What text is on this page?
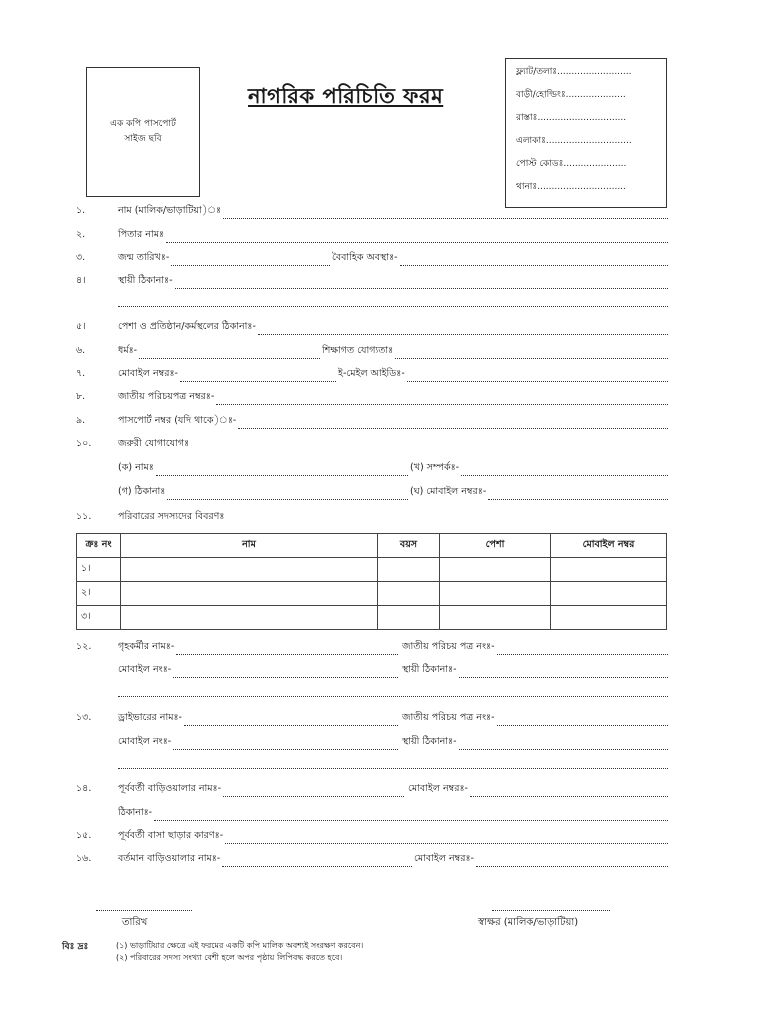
এক কপি পাসপোর্ট
সাইজ ছবি
নাগরিক পরিচিতি ফরম
ফ্ল্যাট/তলাঃ..........................
বাড়ী/হোল্ডিংঃ.....................
রাস্তাঃ...............................
এলাকাঃ..............................
পোস্ট কোডঃ......................
থানাঃ...............................
১.	নাম (মালিক/ভাড়াটিয়া)ঃ
২.	পিতার নামঃ
৩.	জন্ম তারিখঃ-	বৈবাহিক অবস্থাঃ-
৪।	স্থায়ী ঠিকানাঃ-
৫।	পেশা ও প্রতিষ্ঠান/কর্মস্থলের ঠিকানাঃ-
৬.	ধর্মঃ-	শিক্ষাগত যোগ্যতাঃ
৭.	মোবাইল নম্বরঃ-	ই-মেইল আইডিঃ-
৮.	জাতীয় পরিচয়পত্র নম্বরঃ-
৯.	পাসপোর্ট নম্বর (যদি থাকে)ঃ-
১০.	জরুরী যোগাযোগঃ
(ক) নামঃ	(খ) সম্পর্কঃ-
(গ) ঠিকানাঃ	(ঘ) মোবাইল নম্বরঃ-
১১.	পরিবারের সদস্যদের বিবরণঃ
ক্রঃ নং	নাম	বয়স	পেশা	মোবাইল নম্বর
১।				
২।				
৩।				
১২.	গৃহকর্মীর নামঃ-	জাতীয় পরিচয় পত্র নংঃ-
মোবাইল নংঃ-	স্থায়ী ঠিকানাঃ-
১৩.	ড্রাইভারের নামঃ-	জাতীয় পরিচয় পত্র নংঃ-
মোবাইল নংঃ-	স্থায়ী ঠিকানাঃ-
১৪.	পূর্ববর্তী বাড়িওয়ালার নামঃ-	মোবাইল নম্বরঃ-
ঠিকানাঃ-
১৫.	পূর্ববর্তী বাসা ছাড়ার কারণঃ-
১৬.	বর্তমান বাড়িওয়ালার নামঃ-	মোবাইল নম্বরঃ-
তারিখ	স্বাক্ষর (মালিক/ভাড়াটিয়া)
বিঃ দ্রঃ	(১) ভাড়াটিয়ার ক্ষেত্রে এই ফরমের একটি কপি মালিক অবশ্যই সংরক্ষণ করবেন।
(২) পরিবারের সদস্য সংখ্যা বেশী হলে অপর পৃষ্ঠায় লিপিবদ্ধ করতে হবে।
